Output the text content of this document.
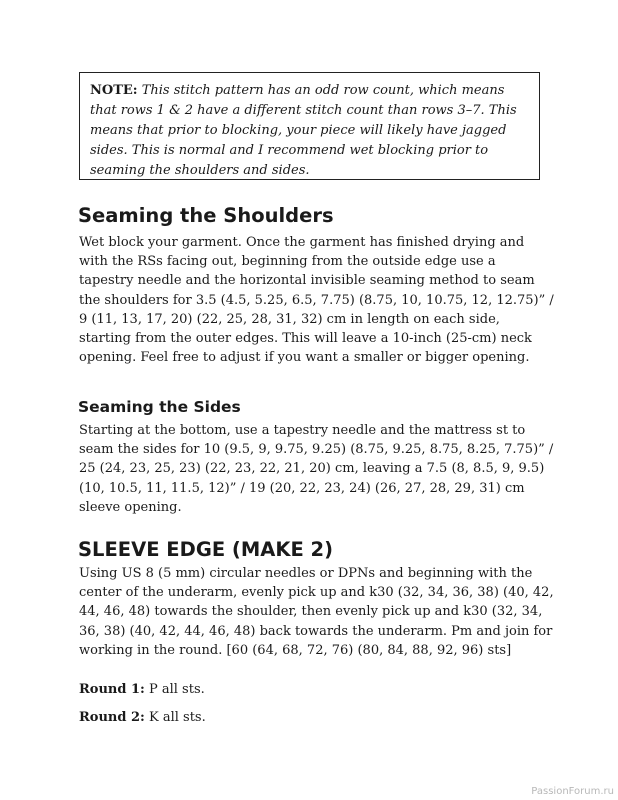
NOTE: This stitch pattern has an odd row count, which means that rows 1 & 2 have a different stitch count than rows 3–7. This means that prior to blocking, your piece will likely have jagged sides. This is normal and I recommend wet blocking prior to seaming the shoulders and sides.
Seaming the Shoulders

Wet block your garment. Once the garment has finished drying and with the RSs facing out, beginning from the outside edge use a tapestry needle and the horizontal invisible seaming method to seam the shoulders for 3.5 (4.5, 5.25, 6.5, 7.75) (8.75, 10, 10.75, 12, 12.75)” / 9 (11, 13, 17, 20) (22, 25, 28, 31, 32) cm in length on each side, starting from the outer edges. This will leave a 10-inch (25-cm) neck opening. Feel free to adjust if you want a smaller or bigger opening.

Seaming the Sides

Starting at the bottom, use a tapestry needle and the mattress st to seam the sides for 10 (9.5, 9, 9.75, 9.25) (8.75, 9.25, 8.75, 8.25, 7.75)” / 25 (24, 23, 25, 23) (22, 23, 22, 21, 20) cm, leaving a 7.5 (8, 8.5, 9, 9.5) (10, 10.5, 11, 11.5, 12)” / 19 (20, 22, 23, 24) (26, 27, 28, 29, 31) cm sleeve opening.

SLEEVE EDGE (MAKE 2)

Using US 8 (5 mm) circular needles or DPNs and beginning with the center of the underarm, evenly pick up and k30 (32, 34, 36, 38) (40, 42, 44, 46, 48) towards the shoulder, then evenly pick up and k30 (32, 34, 36, 38) (40, 42, 44, 46, 48) back towards the underarm. Pm and join for working in the round. [60 (64, 68, 72, 76) (80, 84, 88, 92, 96) sts]

Round 1: P all sts.
Round 2: K all sts.
PassionForum.ru
